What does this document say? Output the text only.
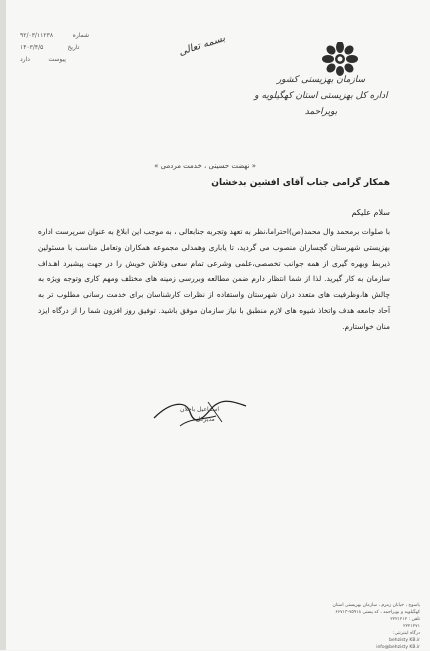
۹۲/۰۳/۱۱۲۳۸	شماره
۱۴۰۳/۴/۵	تاریخ
دارد	پیوست
بسمه تعالی
سازمان بهزیستی کشور
اداره کل بهزیستی استان کهگیلویه و بویراحمد
« نهضت حسینی ، خدمت مردمی »
همکار گرامی جناب آقای افشین بدخشان
سلام علیکم

با صلوات برمحمد وال محمد(ص)احتراما،نظر به تعهد وتجربه جنابعالی ، به موجب این ابلاغ به عنوان سرپرست اداره بهزیستی شهرستان گچساران منصوب می گردید، تا یاباری وهمدلی مجموعه همکاران وتعامل مناسب با مسئولین ذیربط وبهره گیری از همه جوانب تخصصی،علمی وشرعی تمام سعی وتلاش خویش را در جهت پیشبرد اهـداف سازمان به کار گیرید. لذا از شما انتظار دارم ضمن مطالعه وبررسی زمینه های مختلف ومهم کاری وتوجه ویژه به چالش ها،وظرفیت های متعدد دران شهرستان واستفاده از نظرات کارشناسان برای خدمت رسانی مطلوب تر به آحاد جامعه هدف واتخاذ شیوه های لازم منطبق با نیاز سازمان موفق باشید. توفیق روز افزون شما را از درگاه ایزد منان خواستارم.

اسماعیل باجلان
مدیرکل
یاسوج ، خیابان زمزم ، سازمان بهزیستی استان
کهگیلویه و بویراحمد ، کد پستی ۷۵۹۱۸-۶۶۷۱۳
تلفن : ۲۲۲۱۲۱۲
۲۲۲۱۲۷۱
درگاه اینترنتی:
behzisty KB.ir
info@behzisty KB.ir
